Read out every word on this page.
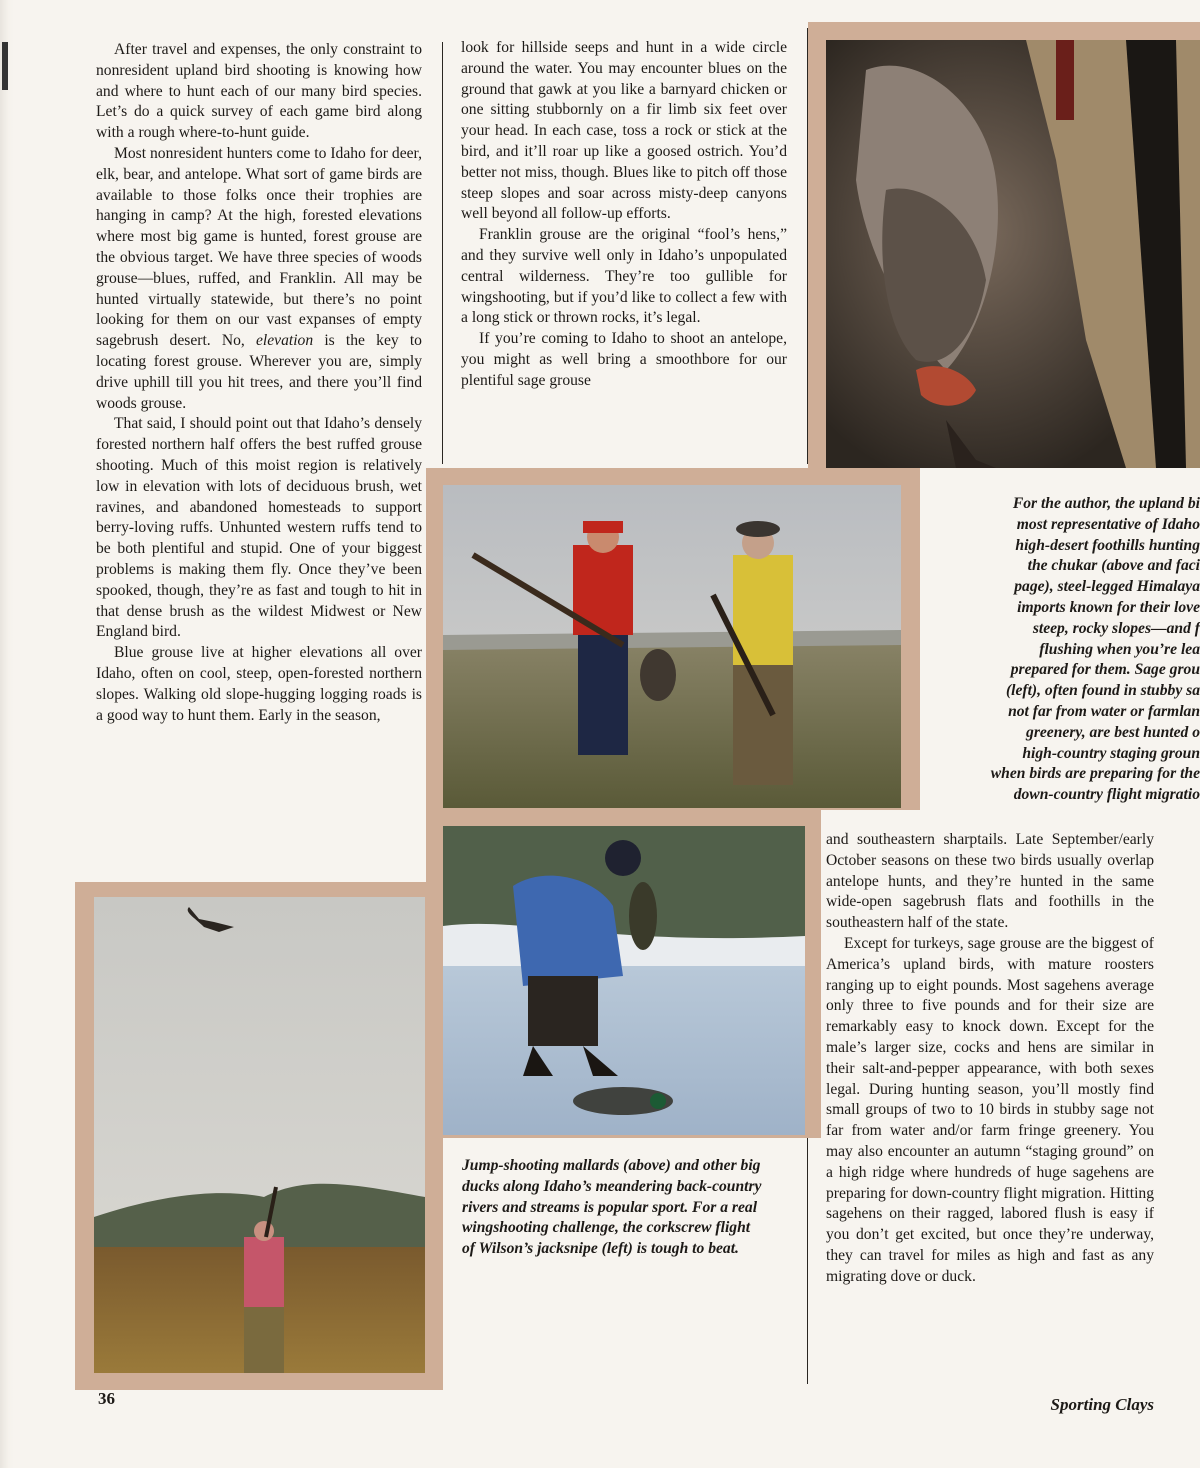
After travel and expenses, the only constraint to nonresident upland bird shooting is knowing how and where to hunt each of our many bird species. Let’s do a quick survey of each game bird along with a rough where-to-hunt guide.

Most nonresident hunters come to Idaho for deer, elk, bear, and antelope. What sort of game birds are available to those folks once their trophies are hanging in camp? At the high, forested elevations where most big game is hunted, forest grouse are the obvious target. We have three species of woods grouse—blues, ruffed, and Franklin. All may be hunted virtually statewide, but there’s no point looking for them on our vast expanses of empty sagebrush desert. No, elevation is the key to locating forest grouse. Wherever you are, simply drive uphill till you hit trees, and there you’ll find woods grouse.

That said, I should point out that Idaho’s densely forested northern half offers the best ruffed grouse shooting. Much of this moist region is relatively low in elevation with lots of deciduous brush, wet ravines, and abandoned homesteads to support berry-loving ruffs. Unhunted western ruffs tend to be both plentiful and stupid. One of your biggest problems is making them fly. Once they’ve been spooked, though, they’re as fast and tough to hit in that dense brush as the wildest Midwest or New England bird.

Blue grouse live at higher elevations all over Idaho, often on cool, steep, open-forested northern slopes. Walking old slope-hugging logging roads is a good way to hunt them. Early in the season,

look for hillside seeps and hunt in a wide circle around the water. You may encounter blues on the ground that gawk at you like a barnyard chicken or one sitting stubbornly on a fir limb six feet over your head. In each case, toss a rock or stick at the bird, and it’ll roar up like a goosed ostrich. You’d better not miss, though. Blues like to pitch off those steep slopes and soar across misty-deep canyons well beyond all follow-up efforts.

Franklin grouse are the original “fool’s hens,” and they survive well only in Idaho’s unpopulated central wilderness. They’re too gullible for wingshooting, but if you’d like to collect a few with a long stick or thrown rocks, it’s legal.

If you’re coming to Idaho to shoot an antelope, you might as well bring a smoothbore for our plentiful sage grouse

For the author, the upland bi
most representative of Idaho
high-desert foothills hunting
the chukar (above and faci
page), steel-legged Himalaya
imports known for their love
steep, rocky slopes—and f
flushing when you’re lea
prepared for them. Sage grou
(left), often found in stubby sa
not far from water or farmlan
greenery, are best hunted o
high-country staging groun
when birds are preparing for the
down-country flight migratio
Jump-shooting mallards (above) and other big ducks along Idaho’s meandering back-country rivers and streams is popular sport. For a real wingshooting challenge, the corkscrew flight of Wilson’s jacksnipe (left) is tough to beat.

and southeastern sharptails. Late September/early October seasons on these two birds usually overlap antelope hunts, and they’re hunted in the same wide-open sagebrush flats and foothills in the southeastern half of the state.

Except for turkeys, sage grouse are the biggest of America’s upland birds, with mature roosters ranging up to eight pounds. Most sagehens average only three to five pounds and for their size are remarkably easy to knock down. Except for the male’s larger size, cocks and hens are similar in their salt-and-pepper appearance, with both sexes legal. During hunting season, you’ll mostly find small groups of two to 10 birds in stubby sage not far from water and/or farm fringe greenery. You may also encounter an autumn “staging ground” on a high ridge where hundreds of huge sagehens are preparing for down-country flight migration. Hitting sagehens on their ragged, labored flush is easy if you don’t get excited, but once they’re underway, they can travel for miles as high and fast as any migrating dove or duck.

36	Sporting Clays
